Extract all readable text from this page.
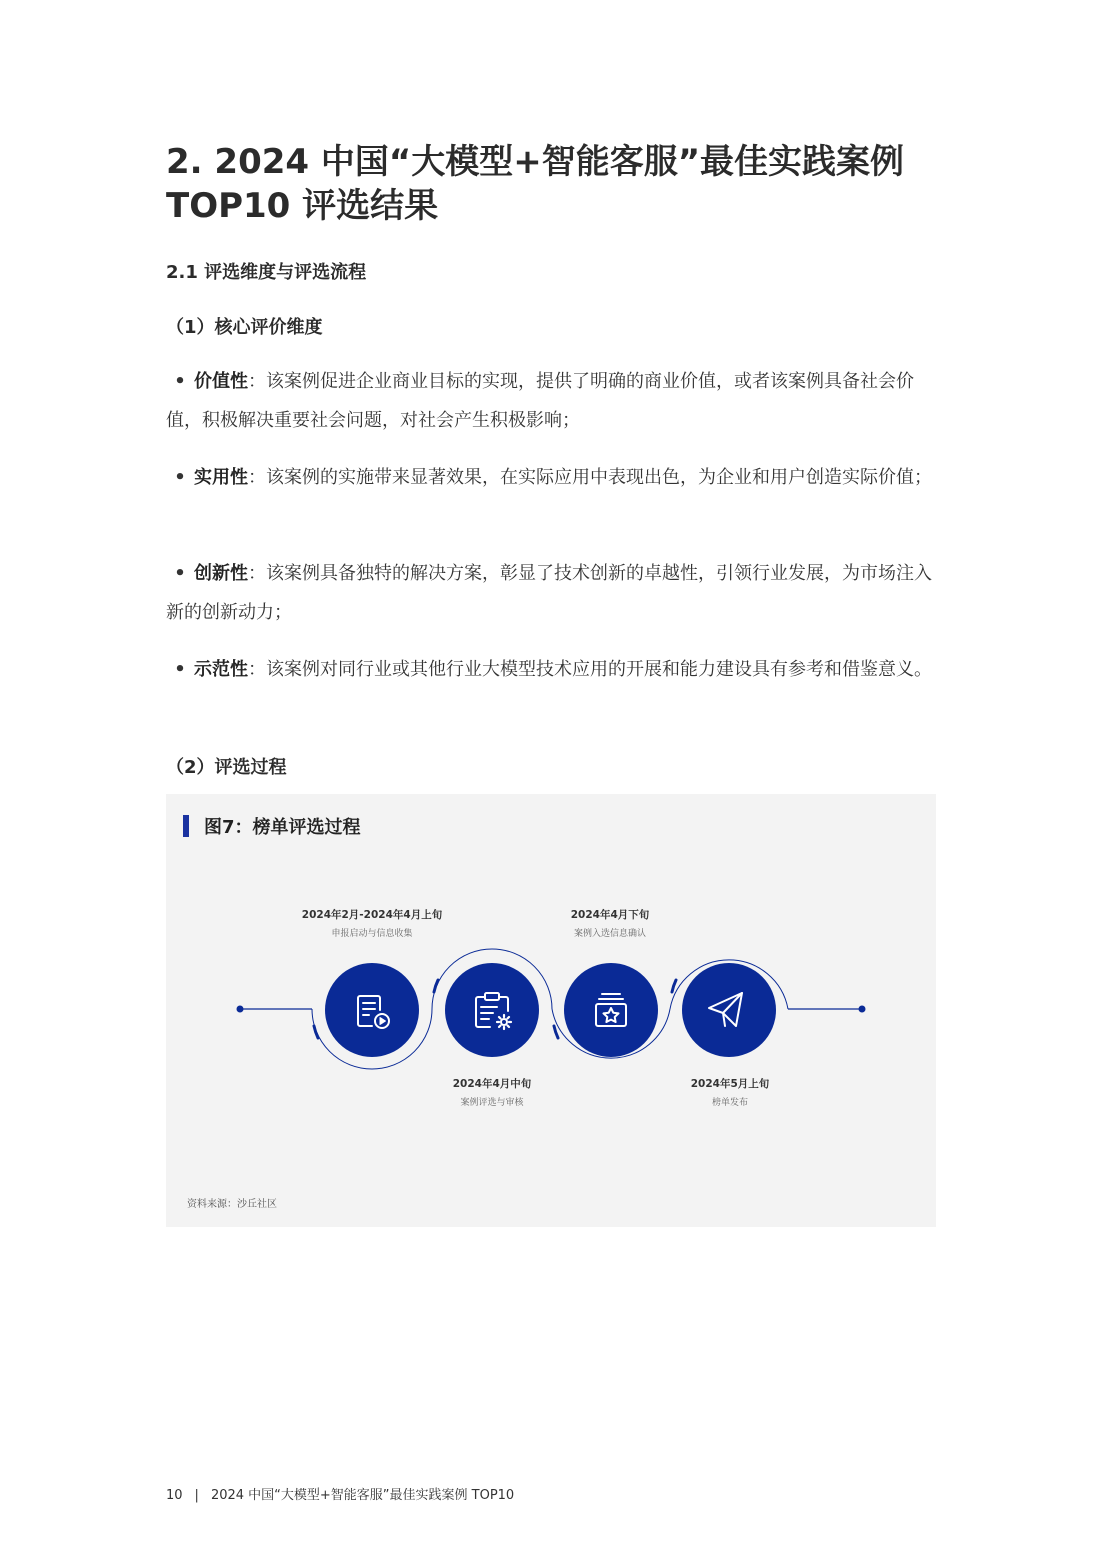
2. 2024 中国“大模型+智能客服”最佳实践案例
TOP10 评选结果
2.1 评选维度与评选流程
（1）核心评价维度
• 价值性：该案例促进企业商业目标的实现，提供了明确的商业价值，或者该案例具备社会价值，积极解决重要社会问题，对社会产生积极影响；
• 实用性：该案例的实施带来显著效果，在实际应用中表现出色，为企业和用户创造实际价值；
• 创新性：该案例具备独特的解决方案，彰显了技术创新的卓越性，引领行业发展，为市场注入新的创新动力；
• 示范性：该案例对同行业或其他行业大模型技术应用的开展和能力建设具有参考和借鉴意义。
（2）评选过程
图7：榜单评选过程
2024年2月-2024年4月上旬
申报启动与信息收集
2024年4月中旬
案例评选与审核
2024年4月下旬
案例入选信息确认
2024年5月上旬
榜单发布
资料来源：沙丘社区
10 | 2024 中国“大模型+智能客服”最佳实践案例 TOP10
